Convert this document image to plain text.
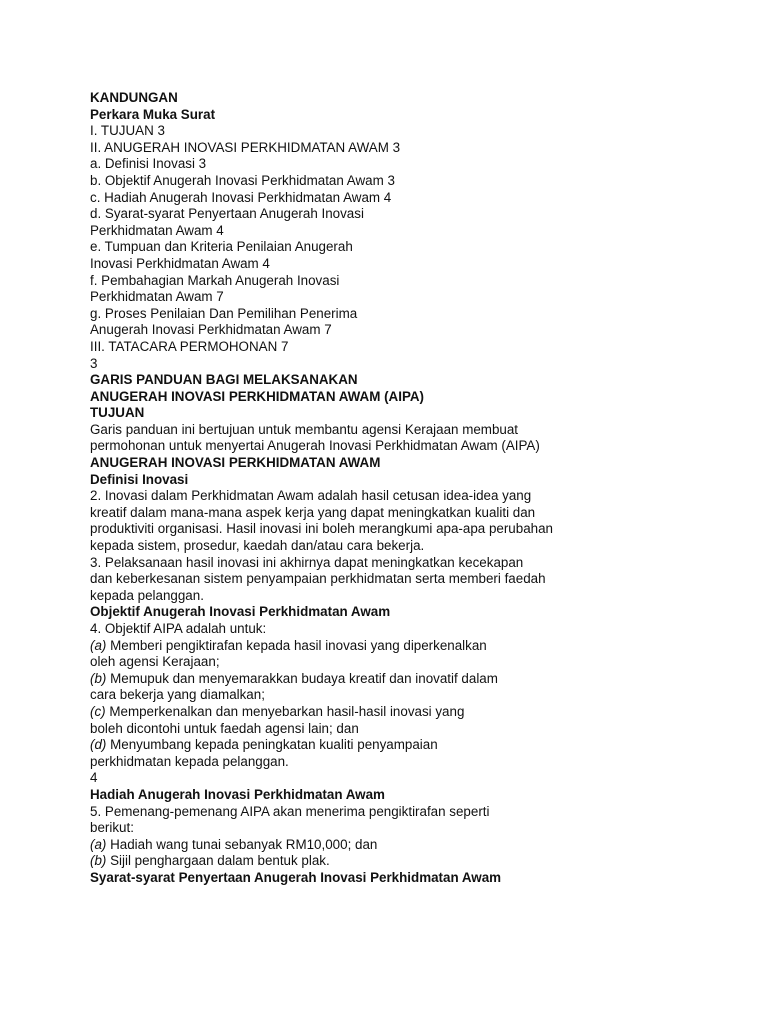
KANDUNGAN
Perkara Muka Surat
I. TUJUAN 3
II. ANUGERAH INOVASI PERKHIDMATAN AWAM 3
a. Definisi Inovasi 3
b. Objektif Anugerah Inovasi Perkhidmatan Awam 3
c. Hadiah Anugerah Inovasi Perkhidmatan Awam 4
d. Syarat-syarat Penyertaan Anugerah Inovasi
Perkhidmatan Awam 4
e. Tumpuan dan Kriteria Penilaian Anugerah
Inovasi Perkhidmatan Awam 4
f. Pembahagian Markah Anugerah Inovasi
Perkhidmatan Awam 7
g. Proses Penilaian Dan Pemilihan Penerima
Anugerah Inovasi Perkhidmatan Awam 7
III. TATACARA PERMOHONAN 7
3
GARIS PANDUAN BAGI MELAKSANAKAN
ANUGERAH INOVASI PERKHIDMATAN AWAM (AIPA)
TUJUAN
Garis panduan ini bertujuan untuk membantu agensi Kerajaan membuat
permohonan untuk menyertai Anugerah Inovasi Perkhidmatan Awam (AIPA)
ANUGERAH INOVASI PERKHIDMATAN AWAM
Definisi Inovasi
2. Inovasi dalam Perkhidmatan Awam adalah hasil cetusan idea-idea yang
kreatif dalam mana-mana aspek kerja yang dapat meningkatkan kualiti dan
produktiviti organisasi. Hasil inovasi ini boleh merangkumi apa-apa perubahan
kepada sistem, prosedur, kaedah dan/atau cara bekerja.
3. Pelaksanaan hasil inovasi ini akhirnya dapat meningkatkan kecekapan
dan keberkesanan sistem penyampaian perkhidmatan serta memberi faedah
kepada pelanggan.
Objektif Anugerah Inovasi Perkhidmatan Awam
4. Objektif AIPA adalah untuk:
(a) Memberi pengiktirafan kepada hasil inovasi yang diperkenalkan
oleh agensi Kerajaan;
(b) Memupuk dan menyemarakkan budaya kreatif dan inovatif dalam
cara bekerja yang diamalkan;
(c) Memperkenalkan dan menyebarkan hasil-hasil inovasi yang
boleh dicontohi untuk faedah agensi lain; dan
(d) Menyumbang kepada peningkatan kualiti penyampaian
perkhidmatan kepada pelanggan.
4
Hadiah Anugerah Inovasi Perkhidmatan Awam
5. Pemenang-pemenang AIPA akan menerima pengiktirafan seperti
berikut:
(a) Hadiah wang tunai sebanyak RM10,000; dan
(b) Sijil penghargaan dalam bentuk plak.
Syarat-syarat Penyertaan Anugerah Inovasi Perkhidmatan Awam
